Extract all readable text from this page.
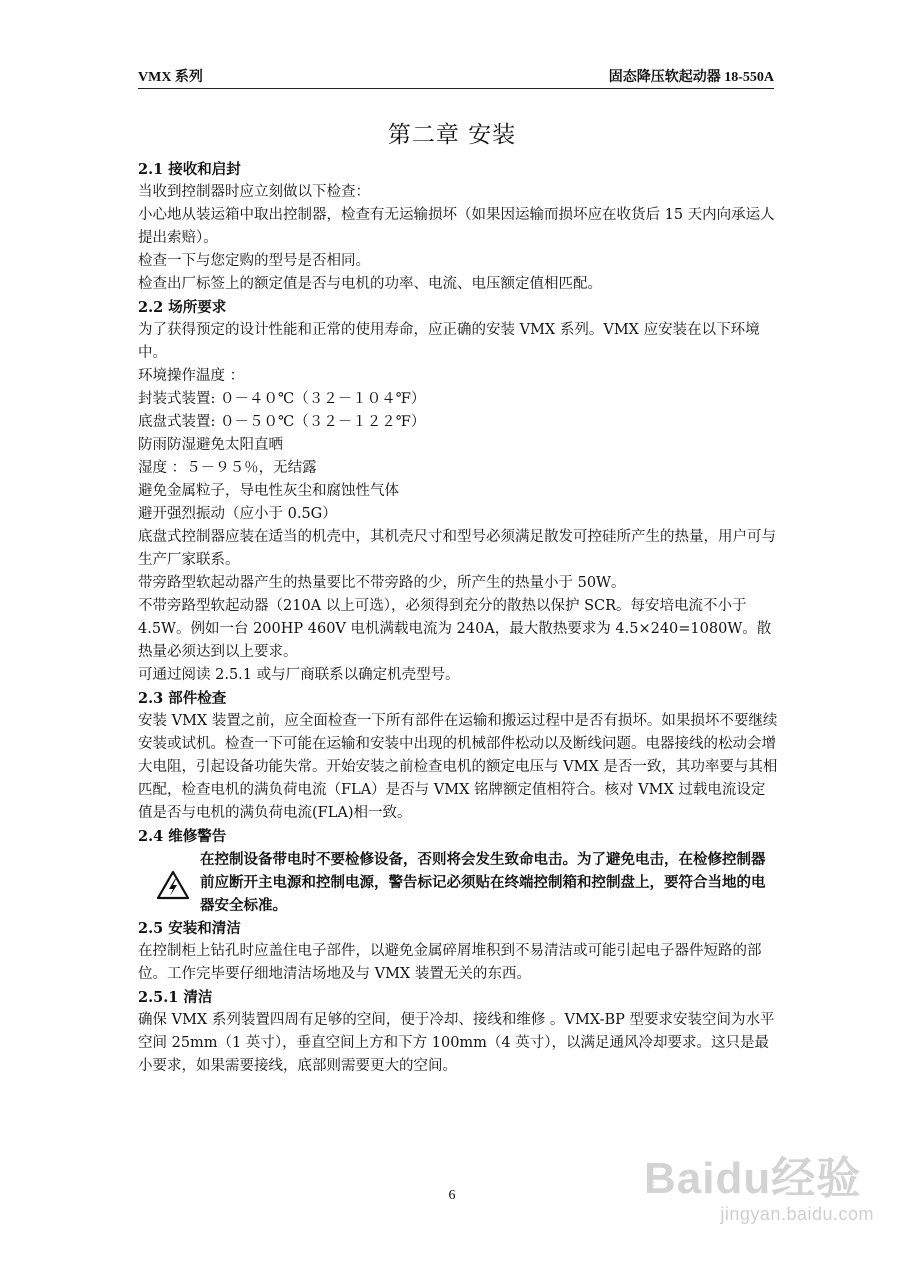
VMX 系列	固态降压软起动器 18-550A
第二章 安装

2.1 接收和启封

当收到控制器时应立刻做以下检查：

小心地从装运箱中取出控制器，检查有无运输损坏（如果因运输而损坏应在收货后 15 天内向承运人提出索赔）。

检查一下与您定购的型号是否相同。

检查出厂标签上的额定值是否与电机的功率、电流、电压额定值相匹配。

2.2 场所要求

为了获得预定的设计性能和正常的使用寿命，应正确的安装 VMX 系列。VMX 应安装在以下环境中。

环境操作温度 ：

封装式装置: ０－４０℃（３２－１０４℉）

底盘式装置: ０－５０℃（３２－１２２℉）

防雨防湿避免太阳直晒

湿度 ：５－９５％，无结露

避免金属粒子，导电性灰尘和腐蚀性气体

避开强烈振动（应小于 0.5G）

底盘式控制器应装在适当的机壳中，其机壳尺寸和型号必须满足散发可控硅所产生的热量，用户可与生产厂家联系。

带旁路型软起动器产生的热量要比不带旁路的少，所产生的热量小于 50W。

不带旁路型软起动器（210A 以上可选），必须得到充分的散热以保护 SCR。每安培电流不小于 4.5W。例如一台 200HP 460V 电机满载电流为 240A，最大散热要求为 4.5×240=1080W。散热量必须达到以上要求。

可通过阅读 2.5.1 或与厂商联系以确定机壳型号。

2.3 部件检查

安装 VMX 装置之前，应全面检查一下所有部件在运输和搬运过程中是否有损坏。如果损坏不要继续安装或试机。检查一下可能在运输和安装中出现的机械部件松动以及断线问题。电器接线的松动会增大电阻，引起设备功能失常。开始安装之前检查电机的额定电压与 VMX 是否一致，其功率要与其相匹配，检查电机的满负荷电流（FLA）是否与 VMX 铭牌额定值相符合。核对 VMX 过载电流设定值是否与电机的满负荷电流(FLA)相一致。

2.4 维修警告

在控制设备带电时不要检修设备，否则将会发生致命电击。为了避免电击，在检修控制器前应断开主电源和控制电源，警告标记必须贴在终端控制箱和控制盘上，要符合当地的电器安全标准。

2.5 安装和清洁

在控制柜上钻孔时应盖住电子部件，以避免金属碎屑堆积到不易清洁或可能引起电子器件短路的部位。工作完毕要仔细地清洁场地及与 VMX 装置无关的东西。

2.5.1 清洁

确保 VMX 系列装置四周有足够的空间，便于冷却、接线和维修 。VMX-BP 型要求安装空间为水平空间 25mm（1 英寸），垂直空间上方和下方 100mm（4 英寸），以满足通风冷却要求。这只是最小要求，如果需要接线，底部则需要更大的空间。

6	Baidu经验
jingyan.baidu.com
